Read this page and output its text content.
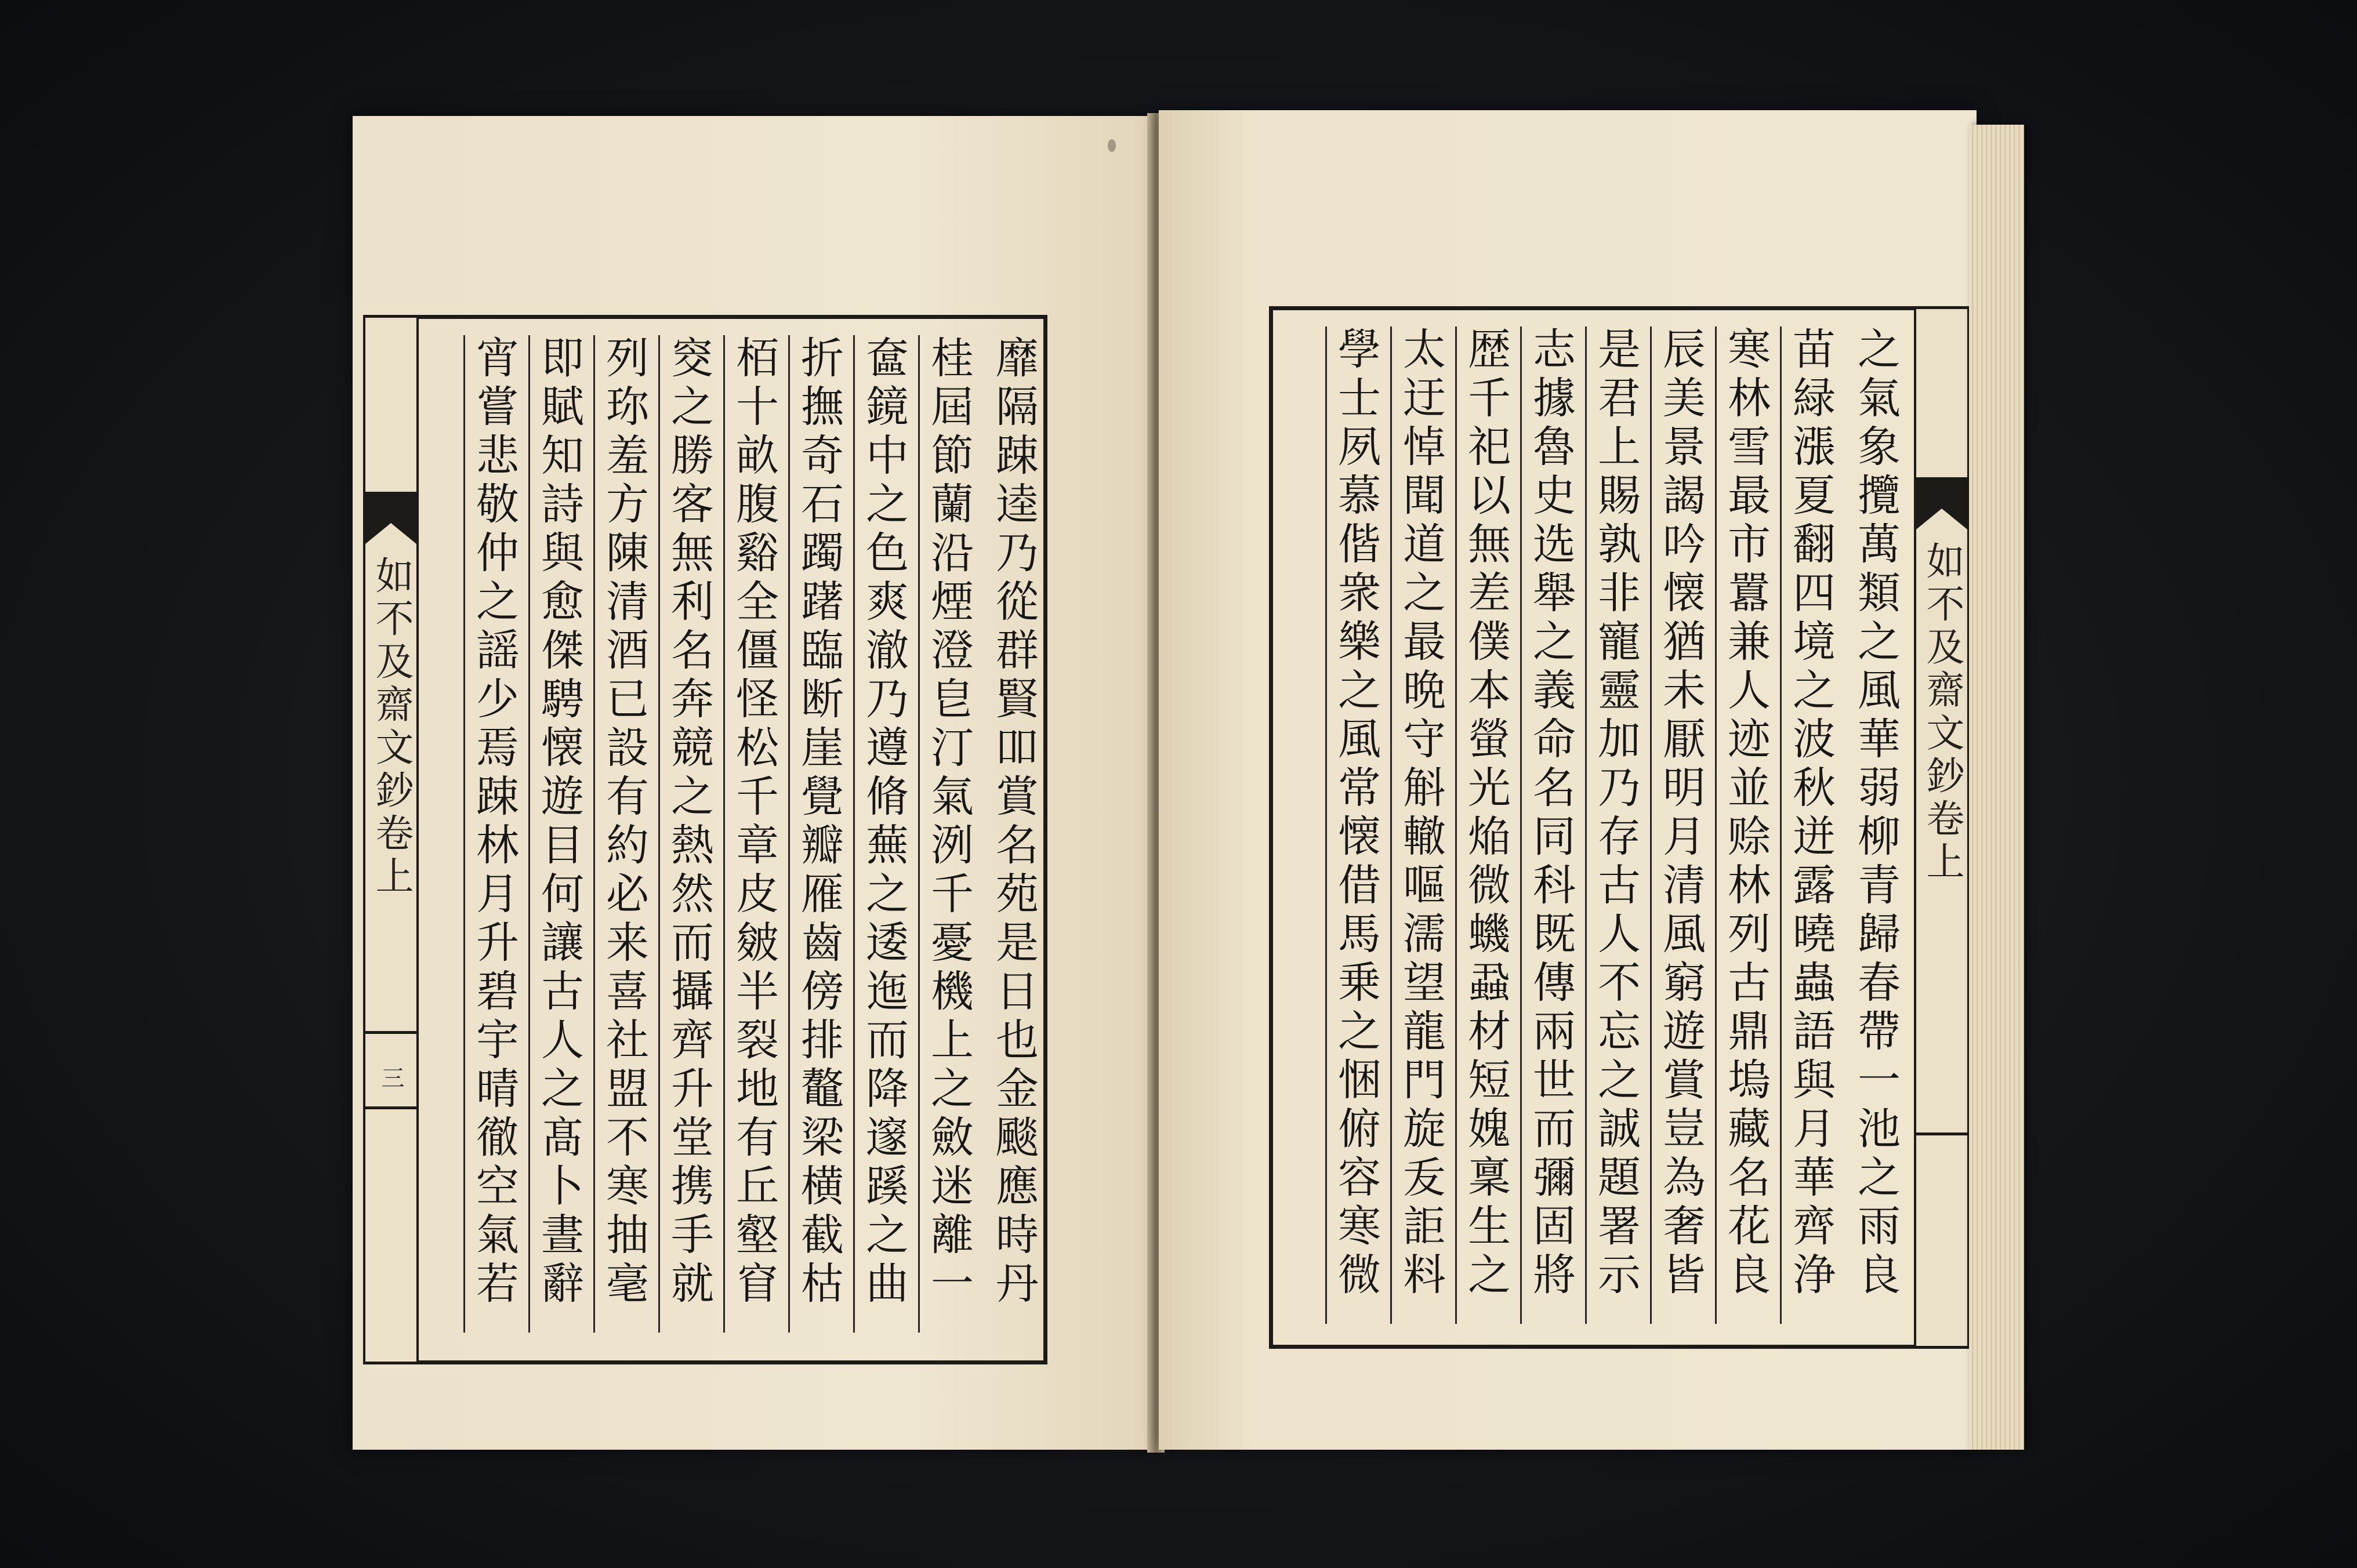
靡隔踈逵乃從群賢吅賞名苑是日也金颷應時丹
桂屆節蘭沿煙澄皀汀氣洌千憂機上之斂迷離一
奩鏡中之色爽澈乃遵脩蕪之逶迤而降邃蹊之曲
折撫奇石躅躇臨断崖覺瓣雁齒傍排鼇梁横截枯
栢十畝腹谿全僵怪松千章皮皴半裂地有丘壑窅
窔之勝客無利名奔競之熱然而攝齊升堂携手就
列珎羞方陳清酒已設有約必来喜社盟不寒抽毫
即賦知詩與愈傑騁懐遊目何讓古人之髙卜晝辭
宵嘗悲敬仲之謡少焉踈林月升碧宇晴徹空氣若
如不及齋文鈔卷上
三	之氣象攬萬類之風華弱柳青歸春帶一池之雨良
苗緑漲夏翻四境之波秋迸露曉蟲語與月華齊浄
寒林雪最市囂兼人迹並赊林列古鼎塢藏名花良
辰美景謁吟懐猶未厭明月清風窮遊賞豈為奢皆
是君上賜孰非寵靈加乃存古人不忘之誠題署示
志據魯史选舉之義命名同科既傳兩世而彌固將
歴千祀以無差僕本螢光焔微蟣蝨材短媿稟生之
太迂悼聞道之最晩守斛轍嘔濡望龍門旋叐詎料
學士夙慕偕衆樂之風常懐借馬乗之悃俯容寒微	如不及齋文鈔卷上
